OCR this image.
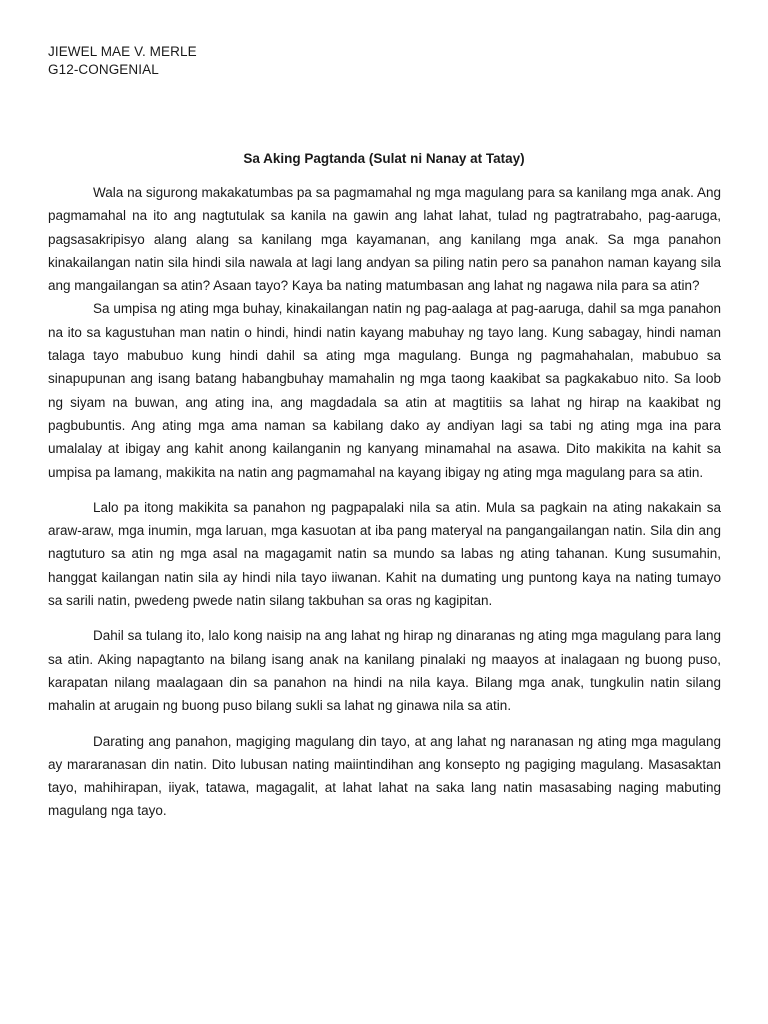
JIEWEL MAE V. MERLE
G12-CONGENIAL
Sa Aking Pagtanda (Sulat ni Nanay at Tatay)

Wala na sigurong makakatumbas pa sa pagmamahal ng mga magulang para sa kanilang mga anak. Ang pagmamahal na ito ang nagtutulak sa kanila na gawin ang lahat lahat, tulad ng pagtratrabaho, pag-aaruga, pagsasakripisyo alang alang sa kanilang mga kayamanan, ang kanilang mga anak. Sa mga panahon kinakailangan natin sila hindi sila nawala at lagi lang andyan sa piling natin pero sa panahon naman kayang sila ang mangailangan sa atin? Asaan tayo? Kaya ba nating matumbasan ang lahat ng nagawa nila para sa atin?

Sa umpisa ng ating mga buhay, kinakailangan natin ng pag-aalaga at pag-aaruga, dahil sa mga panahon na ito sa kagustuhan man natin o hindi, hindi natin kayang mabuhay ng tayo lang. Kung sabagay, hindi naman talaga tayo mabubuo kung hindi dahil sa ating mga magulang. Bunga ng pagmahahalan, mabubuo sa sinapupunan ang isang batang habangbuhay mamahalin ng mga taong kaakibat sa pagkakabuo nito. Sa loob ng siyam na buwan, ang ating ina, ang magdadala sa atin at magtitiis sa lahat ng hirap na kaakibat ng pagbubuntis. Ang ating mga ama naman sa kabilang dako ay andiyan lagi sa tabi ng ating mga ina para umalalay at ibigay ang kahit anong kailanganin ng kanyang minamahal na asawa. Dito makikita na kahit sa umpisa pa lamang, makikita na natin ang pagmamahal na kayang ibigay ng ating mga magulang para sa atin.

Lalo pa itong makikita sa panahon ng pagpapalaki nila sa atin. Mula sa pagkain na ating nakakain sa araw-araw, mga inumin, mga laruan, mga kasuotan at iba pang materyal na pangangailangan natin. Sila din ang nagtuturo sa atin ng mga asal na magagamit natin sa mundo sa labas ng ating tahanan. Kung susumahin, hanggat kailangan natin sila ay hindi nila tayo iiwanan. Kahit na dumating ung puntong kaya na nating tumayo sa sarili natin, pwedeng pwede natin silang takbuhan sa oras ng kagipitan.

Dahil sa tulang ito, lalo kong naisip na ang lahat ng hirap ng dinaranas ng ating mga magulang para lang sa atin. Aking napagtanto na bilang isang anak na kanilang pinalaki ng maayos at inalagaan ng buong puso, karapatan nilang maalagaan din sa panahon na hindi na nila kaya. Bilang mga anak, tungkulin natin silang mahalin at arugain ng buong puso bilang sukli sa lahat ng ginawa nila sa atin.

Darating ang panahon, magiging magulang din tayo, at ang lahat ng naranasan ng ating mga magulang ay mararanasan din natin. Dito lubusan nating maiintindihan ang konsepto ng pagiging magulang. Masasaktan tayo, mahihirapan, iiyak, tatawa, magagalit, at lahat lahat na saka lang natin masasabing naging mabuting magulang nga tayo.
